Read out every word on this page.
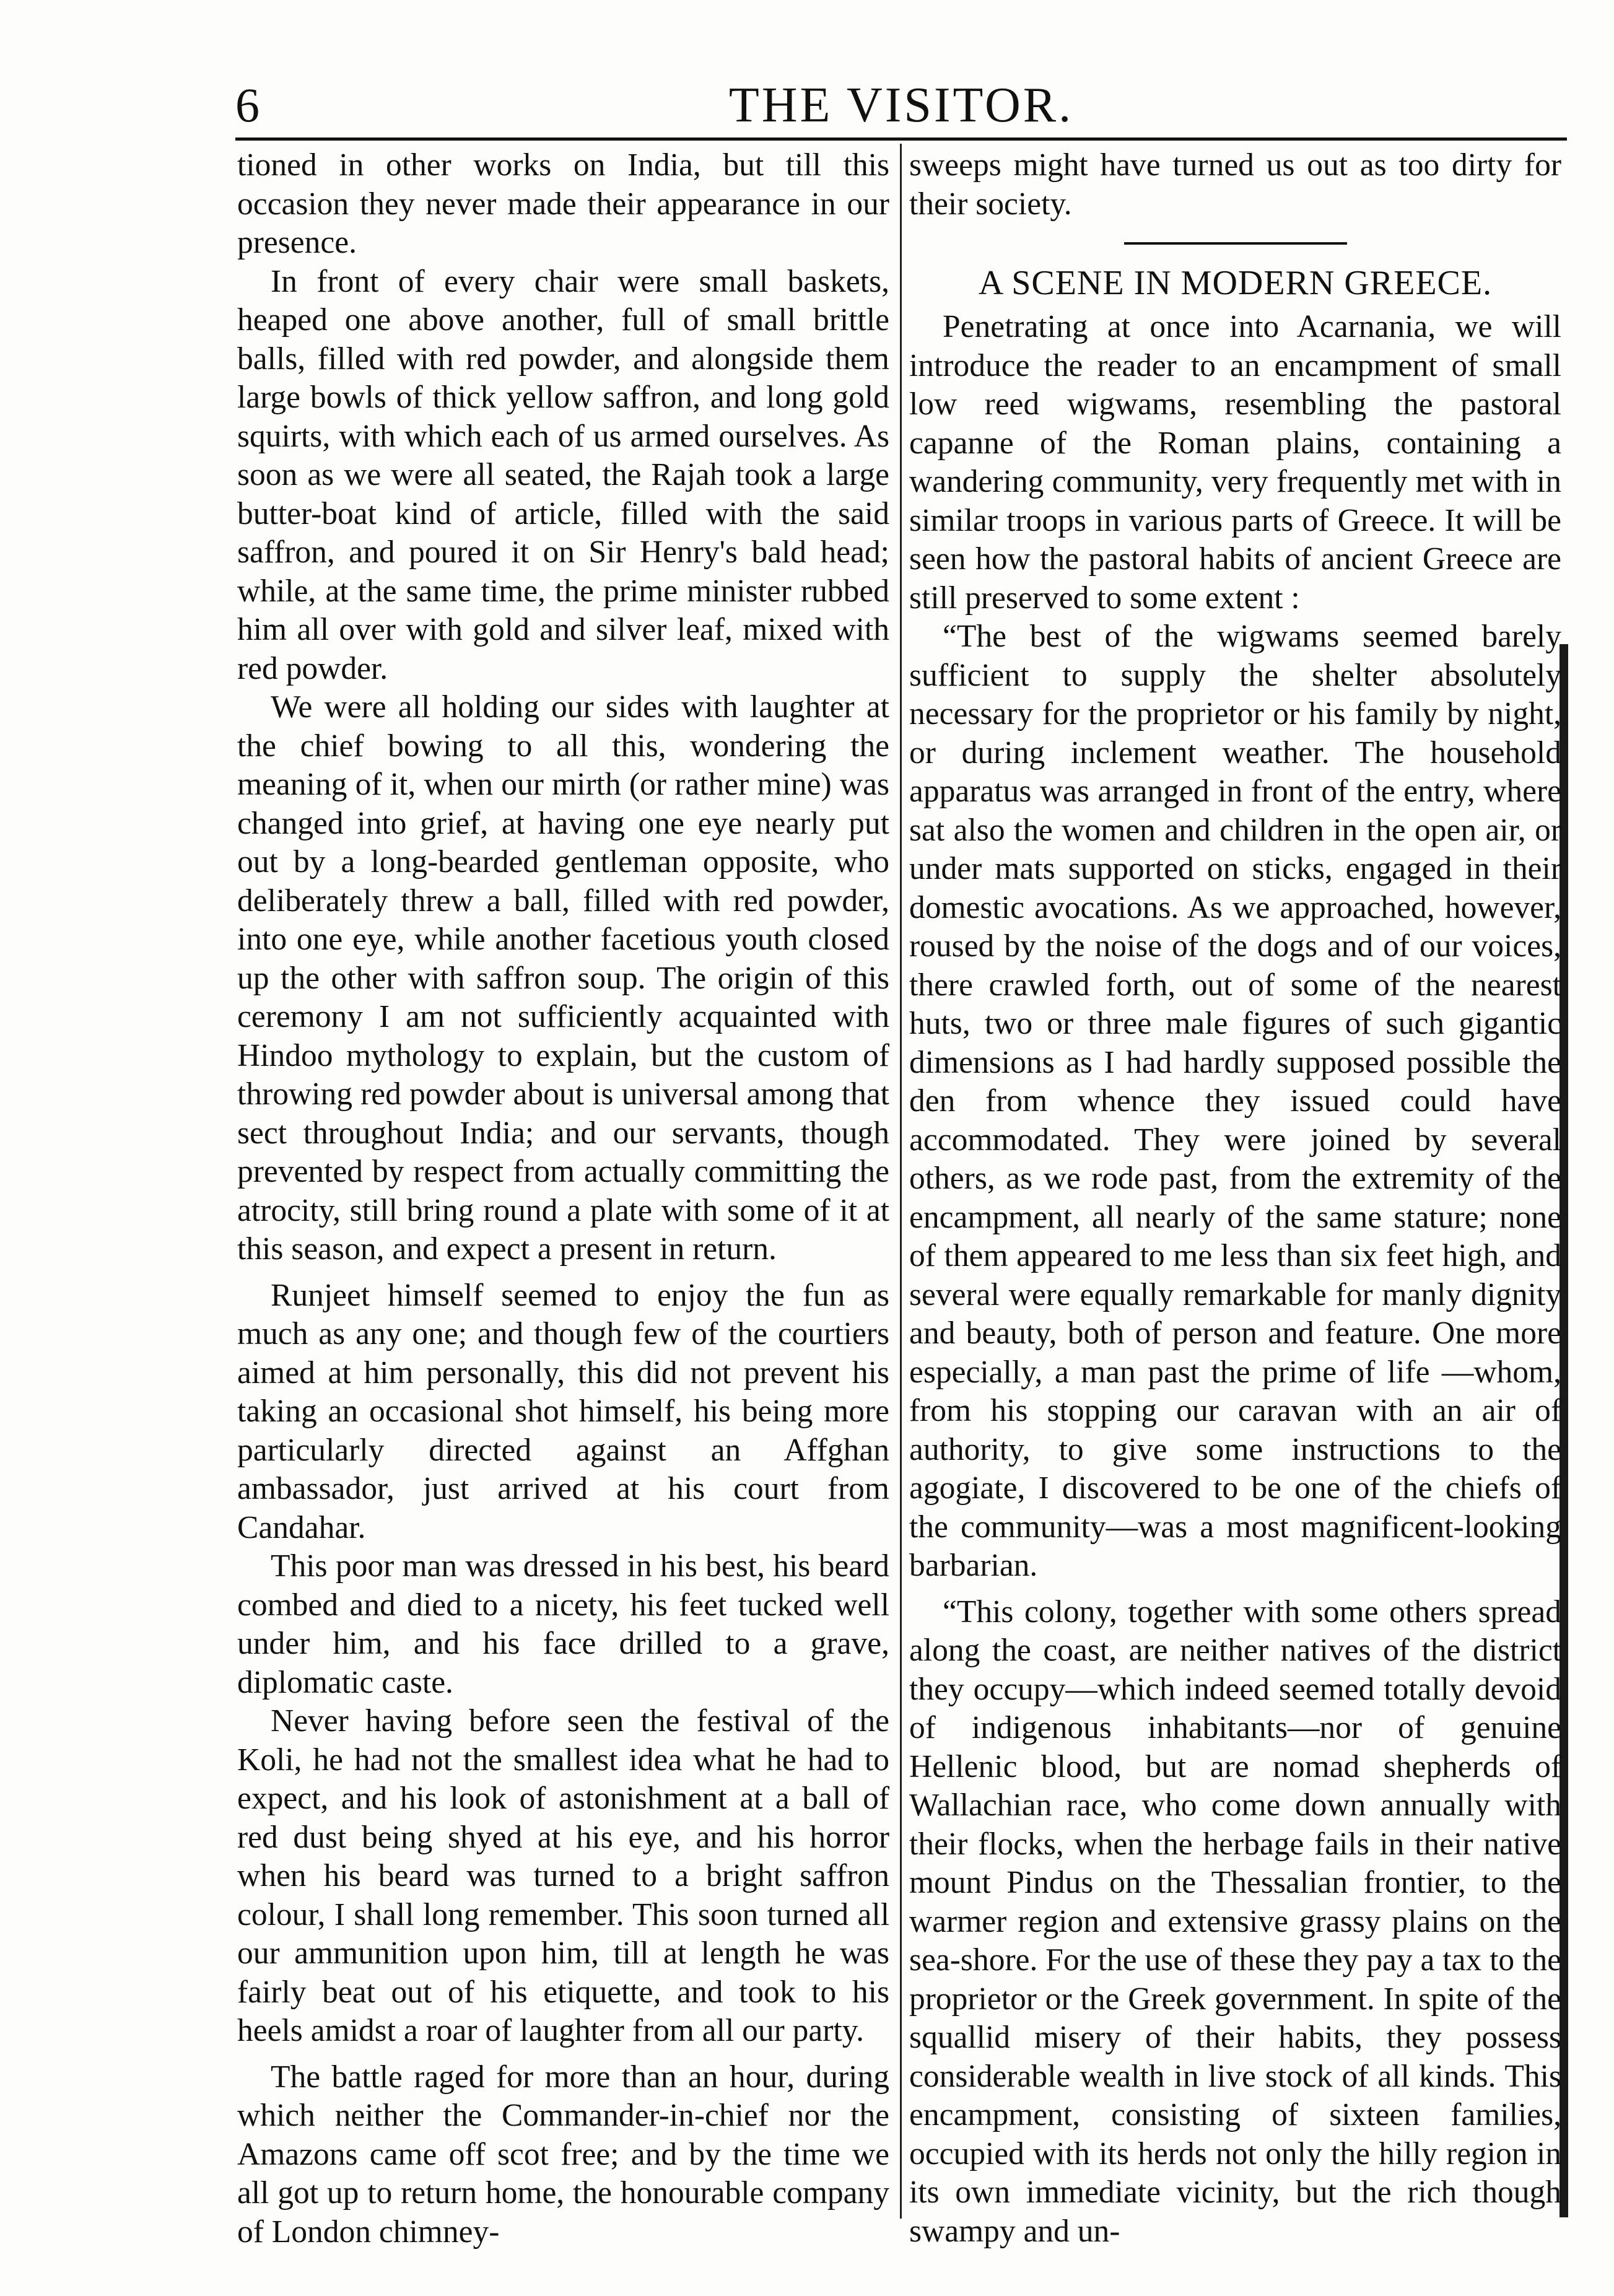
6	THE VISITOR.

tioned in other works on India, but till this occasion they never made their appearance in our presence.

In front of every chair were small baskets, heaped one above another, full of small brittle balls, filled with red powder, and alongside them large bowls of thick yellow saffron, and long gold squirts, with which each of us armed ourselves. As soon as we were all seated, the Rajah took a large butter-boat kind of article, filled with the said saffron, and poured it on Sir Henry's bald head; while, at the same time, the prime minister rubbed him all over with gold and silver leaf, mixed with red powder.

We were all holding our sides with laughter at the chief bowing to all this, wondering the meaning of it, when our mirth (or rather mine) was changed into grief, at having one eye nearly put out by a long-bearded gentleman opposite, who deliberately threw a ball, filled with red powder, into one eye, while another facetious youth closed up the other with saffron soup. The origin of this ceremony I am not sufficiently acquainted with Hindoo mythology to explain, but the custom of throwing red powder about is universal among that sect throughout India; and our servants, though prevented by respect from actually committing the atrocity, still bring round a plate with some of it at this season, and expect a present in return.

Runjeet himself seemed to enjoy the fun as much as any one; and though few of the courtiers aimed at him personally, this did not prevent his taking an occasional shot himself, his being more particularly directed against an Affghan ambassador, just arrived at his court from Candahar.

This poor man was dressed in his best, his beard combed and died to a nicety, his feet tucked well under him, and his face drilled to a grave, diplomatic caste.

Never having before seen the festival of the Koli, he had not the smallest idea what he had to expect, and his look of astonishment at a ball of red dust being shyed at his eye, and his horror when his beard was turned to a bright saffron colour, I shall long remember. This soon turned all our ammunition upon him, till at length he was fairly beat out of his etiquette, and took to his heels amidst a roar of laughter from all our party.

The battle raged for more than an hour, during which neither the Commander-in-chief nor the Amazons came off scot free; and by the time we all got up to return home, the honourable company of London chimney-

sweeps might have turned us out as too dirty for their society.

A SCENE IN MODERN GREECE.

Penetrating at once into Acarnania, we will introduce the reader to an encampment of small low reed wigwams, resembling the pastoral capanne of the Roman plains, containing a wandering community, very frequently met with in similar troops in various parts of Greece. It will be seen how the pastoral habits of ancient Greece are still preserved to some extent :

“The best of the wigwams seemed barely sufficient to supply the shelter absolutely necessary for the proprietor or his family by night, or during inclement weather. The household apparatus was arranged in front of the entry, where sat also the women and children in the open air, or under mats supported on sticks, engaged in their domestic avocations. As we approached, however, roused by the noise of the dogs and of our voices, there crawled forth, out of some of the nearest huts, two or three male figures of such gigantic dimensions as I had hardly supposed possible the den from whence they issued could have accommodated. They were joined by several others, as we rode past, from the extremity of the encampment, all nearly of the same stature; none of them appeared to me less than six feet high, and several were equally remarkable for manly dignity and beauty, both of person and feature. One more especially, a man past the prime of life —whom, from his stopping our caravan with an air of authority, to give some instructions to the agogiate, I discovered to be one of the chiefs of the community—was a most magnificent-looking barbarian.

“This colony, together with some others spread along the coast, are neither natives of the district they occupy—which indeed seemed totally devoid of indigenous inhabitants—nor of genuine Hellenic blood, but are nomad shepherds of Wallachian race, who come down annually with their flocks, when the herbage fails in their native mount Pindus on the Thessalian frontier, to the warmer region and extensive grassy plains on the sea-shore. For the use of these they pay a tax to the proprietor or the Greek government. In spite of the squallid misery of their habits, they possess considerable wealth in live stock of all kinds. This encampment, consisting of sixteen families, occupied with its herds not only the hilly region in its own immediate vicinity, but the rich though swampy and un-
